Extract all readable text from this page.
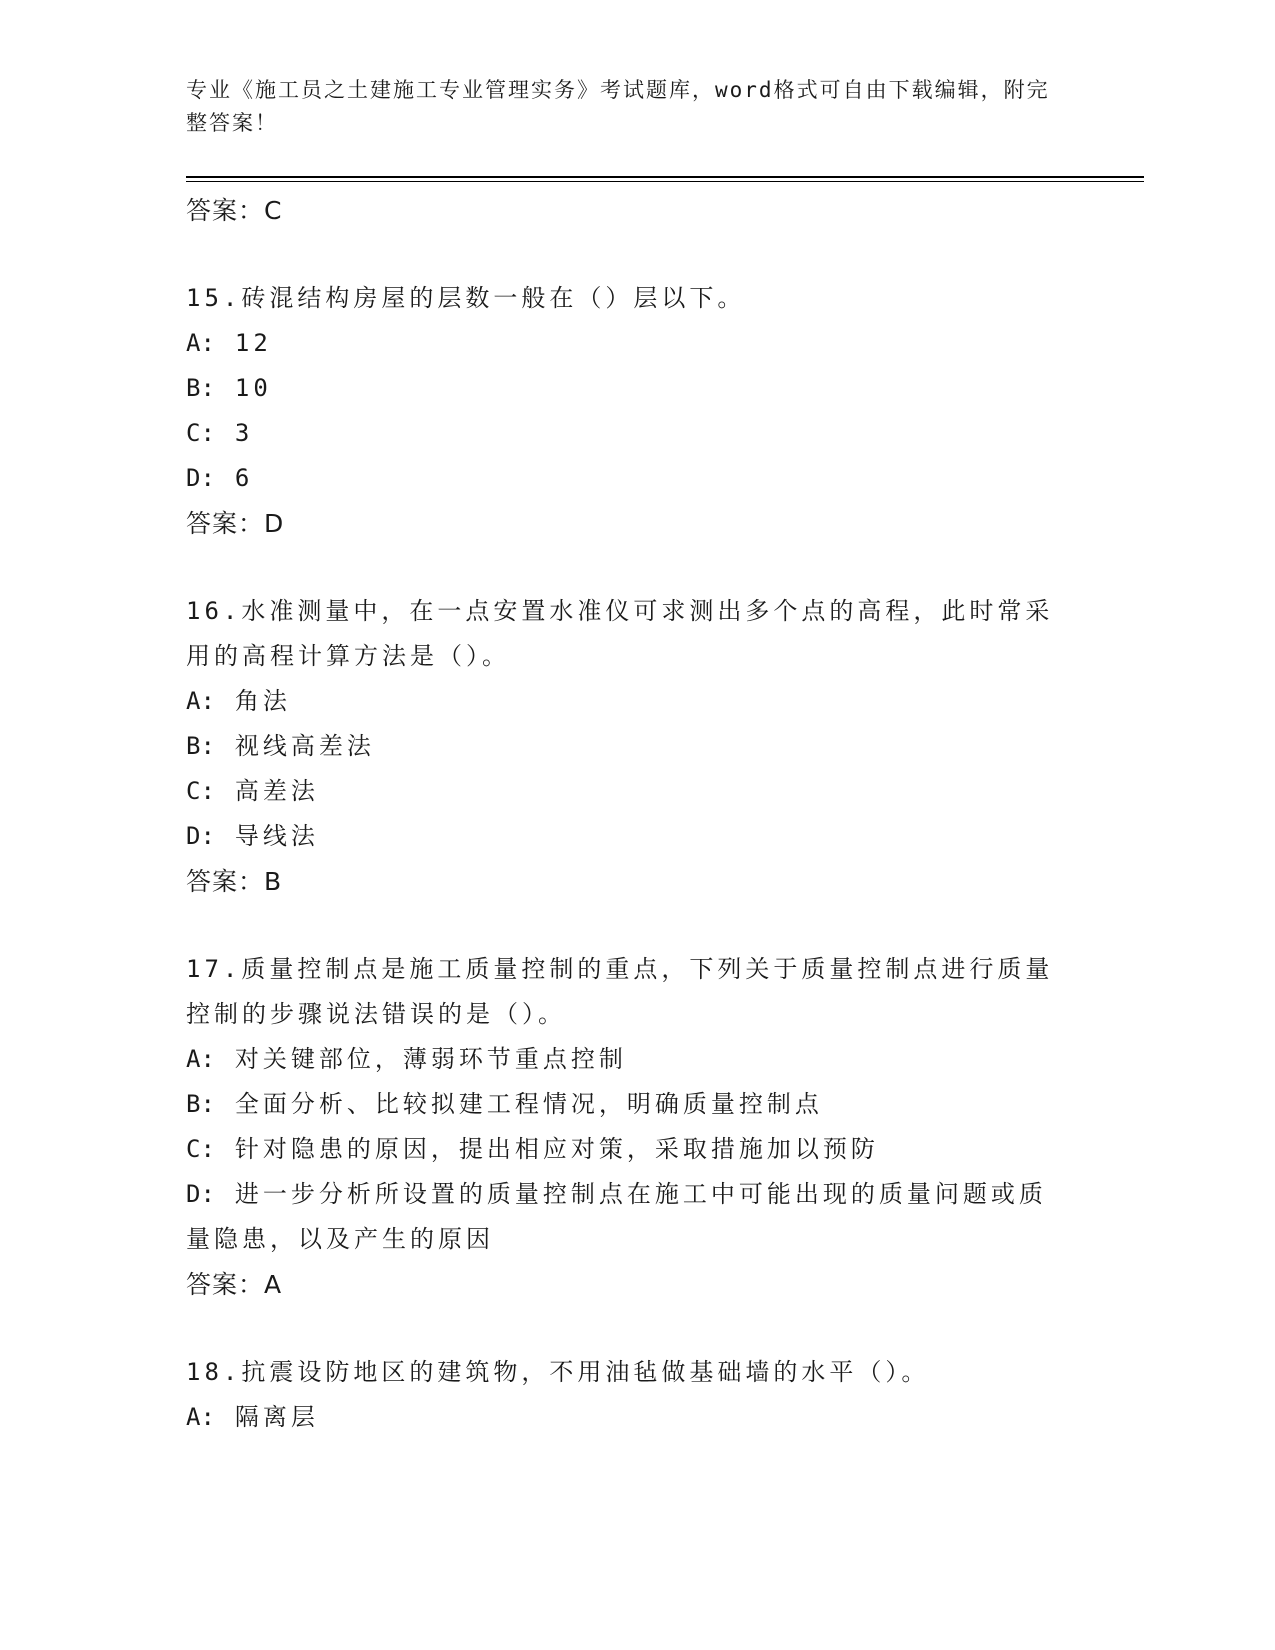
专业《施工员之土建施工专业管理实务》考试题库，word格式可自由下载编辑，附完整答案！
答案：C
15.砖混结构房屋的层数一般在（）层以下。
A: 12
B: 10
C: 3
D: 6
答案：D
16.水准测量中，在一点安置水准仪可求测出多个点的高程，此时常采用的高程计算方法是（）。
A: 角法
B: 视线高差法
C: 高差法
D: 导线法
答案：B
17.质量控制点是施工质量控制的重点，下列关于质量控制点进行质量控制的步骤说法错误的是（）。
A: 对关键部位，薄弱环节重点控制
B: 全面分析、比较拟建工程情况，明确质量控制点
C: 针对隐患的原因，提出相应对策，采取措施加以预防
D: 进一步分析所设置的质量控制点在施工中可能出现的质量问题或质量隐患，以及产生的原因
答案：A
18.抗震设防地区的建筑物，不用油毡做基础墙的水平（）。
A: 隔离层
